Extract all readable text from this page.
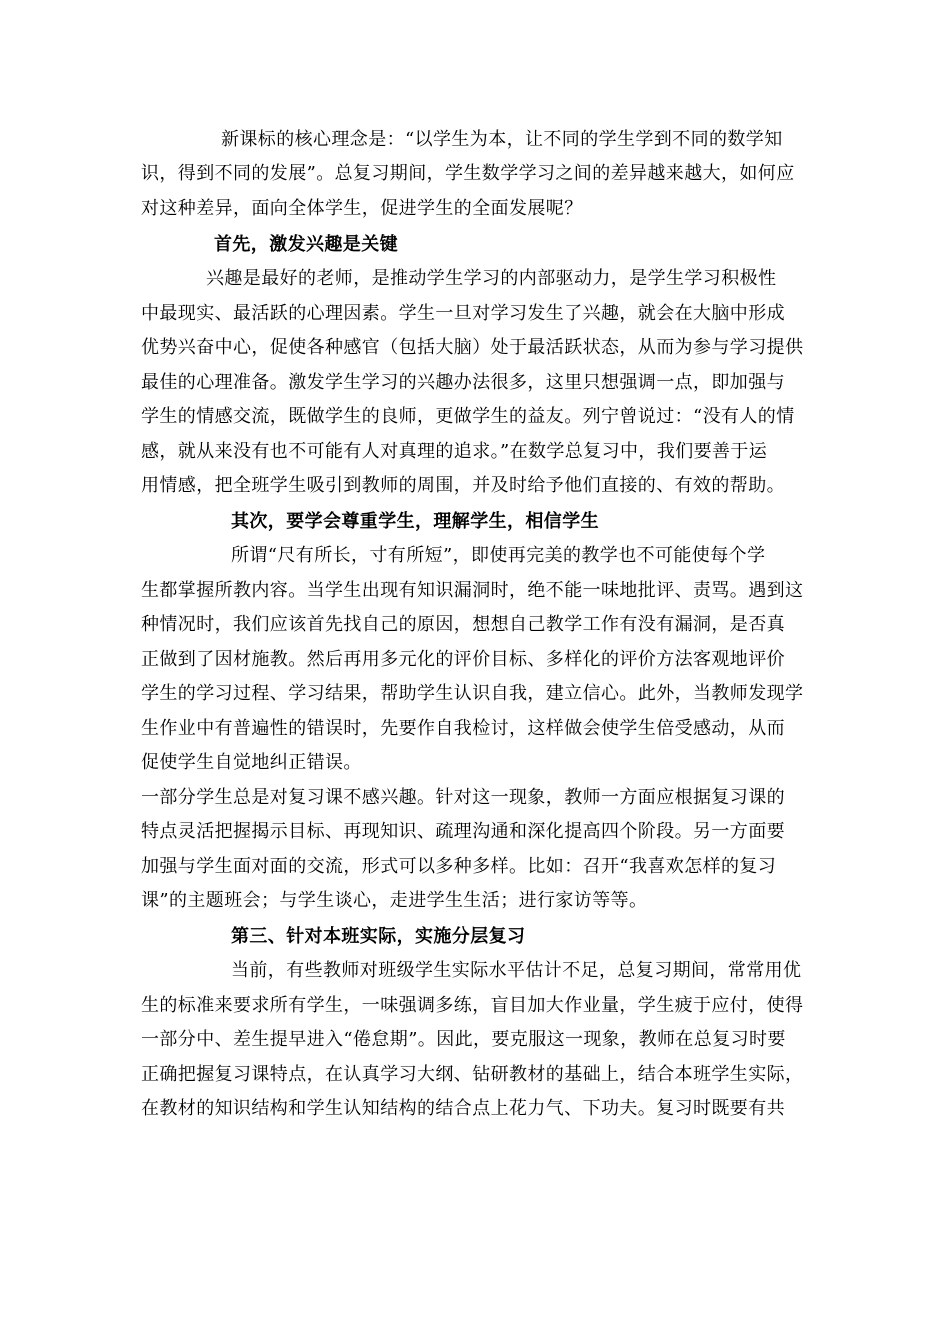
新课标的核心理念是：“以学生为本，让不同的学生学到不同的数学知

识，得到不同的发展”。总复习期间，学生数学学习之间的差异越来越大，如何应

对这种差异，面向全体学生，促进学生的全面发展呢？

首先，激发兴趣是关键

兴趣是最好的老师，是推动学生学习的内部驱动力，是学生学习积极性

中最现实、最活跃的心理因素。学生一旦对学习发生了兴趣，就会在大脑中形成

优势兴奋中心，促使各种感官（包括大脑）处于最活跃状态，从而为参与学习提供

最佳的心理准备。激发学生学习的兴趣办法很多，这里只想强调一点，即加强与

学生的情感交流，既做学生的良师，更做学生的益友。列宁曾说过：“没有人的情

感，就从来没有也不可能有人对真理的追求。”在数学总复习中，我们要善于运

用情感，把全班学生吸引到教师的周围，并及时给予他们直接的、有效的帮助。

其次，要学会尊重学生，理解学生，相信学生

所谓“尺有所长，寸有所短”，即使再完美的教学也不可能使每个学

生都掌握所教内容。当学生出现有知识漏洞时，绝不能一味地批评、责骂。遇到这

种情况时，我们应该首先找自己的原因，想想自己教学工作有没有漏洞，是否真

正做到了因材施教。然后再用多元化的评价目标、多样化的评价方法客观地评价

学生的学习过程、学习结果，帮助学生认识自我，建立信心。此外，当教师发现学

生作业中有普遍性的错误时，先要作自我检讨，这样做会使学生倍受感动，从而

促使学生自觉地纠正错误。

一部分学生总是对复习课不感兴趣。针对这一现象，教师一方面应根据复习课的

特点灵活把握揭示目标、再现知识、疏理沟通和深化提高四个阶段。另一方面要

加强与学生面对面的交流，形式可以多种多样。比如：召开“我喜欢怎样的复习

课”的主题班会；与学生谈心，走进学生生活；进行家访等等。

第三、针对本班实际，实施分层复习

当前，有些教师对班级学生实际水平估计不足，总复习期间，常常用优

生的标准来要求所有学生，一味强调多练，盲目加大作业量，学生疲于应付，使得

一部分中、差生提早进入“倦怠期”。因此，要克服这一现象，教师在总复习时要

正确把握复习课特点，在认真学习大纲、钻研教材的基础上，结合本班学生实际，

在教材的知识结构和学生认知结构的结合点上花力气、下功夫。复习时既要有共
